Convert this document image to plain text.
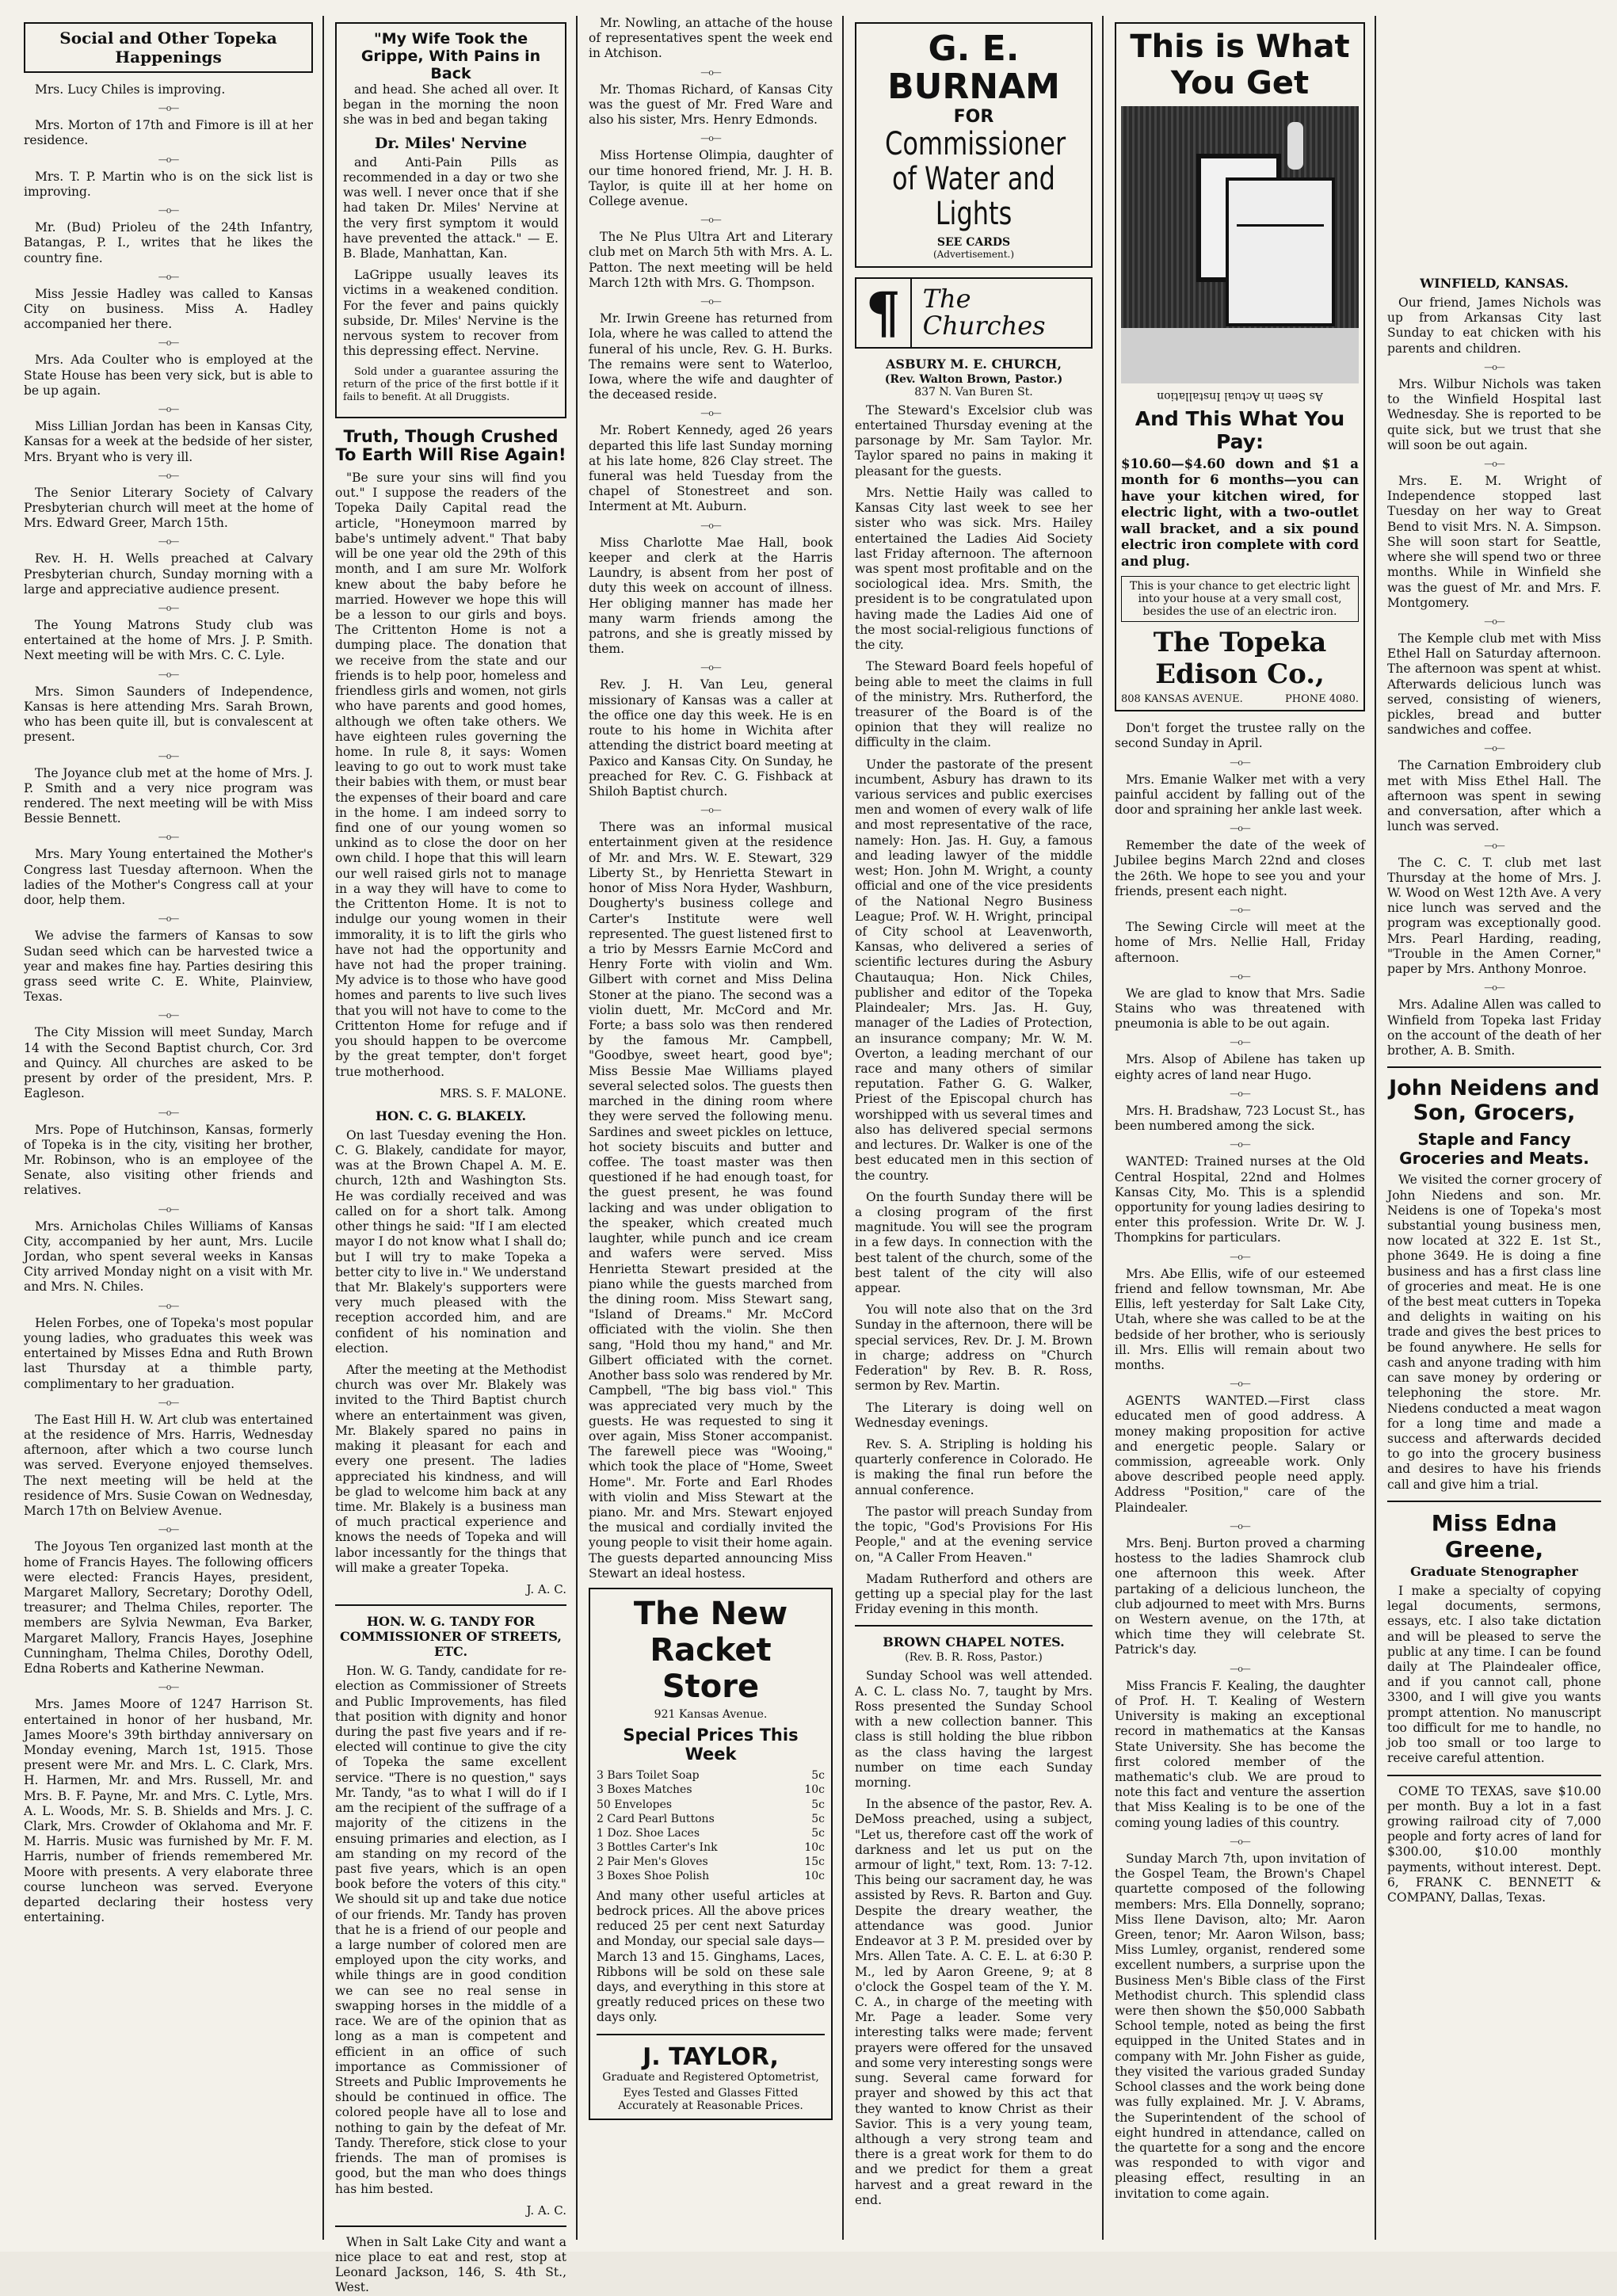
Social and Other Topeka Happenings

Mrs. Lucy Chiles is improving.

—o—

Mrs. Morton of 17th and Fimore is ill at her residence.

—o—

Mrs. T. P. Martin who is on the sick list is improving.

—o—

Mr. (Bud) Prioleu of the 24th Infantry, Batangas, P. I., writes that he likes the country fine.

—o—

Miss Jessie Hadley was called to Kansas City on business. Miss A. Hadley accompanied her there.

—o—

Mrs. Ada Coulter who is employed at the State House has been very sick, but is able to be up again.

—o—

Miss Lillian Jordan has been in Kansas City, Kansas for a week at the bedside of her sister, Mrs. Bryant who is very ill.

—o—

The Senior Literary Society of Calvary Presbyterian church will meet at the home of Mrs. Edward Greer, March 15th.

—o—

Rev. H. H. Wells preached at Calvary Presbyterian church, Sunday morning with a large and appreciative audience present.

—o—

The Young Matrons Study club was entertained at the home of Mrs. J. P. Smith. Next meeting will be with Mrs. C. C. Lyle.

—o—

Mrs. Simon Saunders of Independence, Kansas is here attending Mrs. Sarah Brown, who has been quite ill, but is convalescent at present.

—o—

The Joyance club met at the home of Mrs. J. P. Smith and a very nice program was rendered. The next meeting will be with Miss Bessie Bennett.

—o—

Mrs. Mary Young entertained the Mother's Congress last Tuesday afternoon. When the ladies of the Mother's Congress call at your door, help them.

—o—

We advise the farmers of Kansas to sow Sudan seed which can be harvested twice a year and makes fine hay. Parties desiring this grass seed write C. E. White, Plainview, Texas.

—o—

The City Mission will meet Sunday, March 14 with the Second Baptist church, Cor. 3rd and Quincy. All churches are asked to be present by order of the president, Mrs. P. Eagleson.

—o—

Mrs. Pope of Hutchinson, Kansas, formerly of Topeka is in the city, visiting her brother, Mr. Robinson, who is an employee of the Senate, also visiting other friends and relatives.

—o—

Mrs. Arnicholas Chiles Williams of Kansas City, accompanied by her aunt, Mrs. Lucile Jordan, who spent several weeks in Kansas City arrived Monday night on a visit with Mr. and Mrs. N. Chiles.

—o—

Helen Forbes, one of Topeka's most popular young ladies, who graduates this week was entertained by Misses Edna and Ruth Brown last Thursday at a thimble party, complimentary to her graduation.

—o—

The East Hill H. W. Art club was entertained at the residence of Mrs. Harris, Wednesday afternoon, after which a two course lunch was served. Everyone enjoyed themselves. The next meeting will be held at the residence of Mrs. Susie Cowan on Wednesday, March 17th on Belview Avenue.

—o—

The Joyous Ten organized last month at the home of Francis Hayes. The following officers were elected: Francis Hayes, president, Margaret Mallory, Secretary; Dorothy Odell, treasurer; and Thelma Chiles, reporter. The members are Sylvia Newman, Eva Barker, Margaret Mallory, Francis Hayes, Josephine Cunningham, Thelma Chiles, Dorothy Odell, Edna Roberts and Katherine Newman.

—o—

Mrs. James Moore of 1247 Harrison St. entertained in honor of her husband, Mr. James Moore's 39th birthday anniversary on Monday evening, March 1st, 1915. Those present were Mr. and Mrs. L. C. Clark, Mrs. H. Harmen, Mr. and Mrs. Russell, Mr. and Mrs. B. F. Payne, Mr. and Mrs. C. Lytle, Mrs. A. L. Woods, Mr. S. B. Shields and Mrs. J. C. Clark, Mrs. Crowder of Oklahoma and Mr. F. M. Harris. Music was furnished by Mr. F. M. Harris, number of friends remembered Mr. Moore with presents. A very elaborate three course luncheon was served. Everyone departed declaring their hostess very entertaining.

"My Wife Took the Grippe, With Pains in Back

and head. She ached all over. It began in the morning the noon she was in bed and began taking

Dr. Miles' Nervine

and Anti-Pain Pills as recommended in a day or two she was well. I never once that if she had taken Dr. Miles' Nervine at the very first symptom it would have prevented the attack." — E. B. Blade, Manhattan, Kan.

LaGrippe usually leaves its victims in a weakened condition. For the fever and pains quickly subside, Dr. Miles' Nervine is the nervous system to recover from this depressing effect. Nervine.

Sold under a guarantee assuring the return of the price of the first bottle if it fails to benefit. At all Druggists.

Truth, Though Crushed To Earth Will Rise Again!

"Be sure your sins will find you out." I suppose the readers of the Topeka Daily Capital read the article, "Honeymoon marred by babe's untimely advent." That baby will be one year old the 29th of this month, and I am sure Mr. Wolfork knew about the baby before he married. However we hope this will be a lesson to our girls and boys. The Crittenton Home is not a dumping place. The donation that we receive from the state and our friends is to help poor, homeless and friendless girls and women, not girls who have parents and good homes, although we often take others. We have eighteen rules governing the home. In rule 8, it says: Women leaving to go out to work must take their babies with them, or must bear the expenses of their board and care in the home. I am indeed sorry to find one of our young women so unkind as to close the door on her own child. I hope that this will learn our well raised girls not to manage in a way they will have to come to the Crittenton Home. It is not to indulge our young women in their immorality, it is to lift the girls who have not had the opportunity and have not had the proper training. My advice is to those who have good homes and parents to live such lives that you will not have to come to the Crittenton Home for refuge and if you should happen to be overcome by the great tempter, don't forget true motherhood.

MRS. S. F. MALONE.
HON. C. G. BLAKELY.

On last Tuesday evening the Hon. C. G. Blakely, candidate for mayor, was at the Brown Chapel A. M. E. church, 12th and Washington Sts. He was cordially received and was called on for a short talk. Among other things he said: "If I am elected mayor I do not know what I shall do; but I will try to make Topeka a better city to live in." We understand that Mr. Blakely's supporters were very much pleased with the reception accorded him, and are confident of his nomination and election.

After the meeting at the Methodist church was over Mr. Blakely was invited to the Third Baptist church where an entertainment was given, Mr. Blakely spared no pains in making it pleasant for each and every one present. The ladies appreciated his kindness, and will be glad to welcome him back at any time. Mr. Blakely is a business man of much practical experience and knows the needs of Topeka and will labor incessantly for the things that will make a greater Topeka.

J. A. C.
HON. W. G. TANDY FOR COMMISSIONER OF STREETS, ETC.

Hon. W. G. Tandy, candidate for re-election as Commissioner of Streets and Public Improvements, has filed that position with dignity and honor during the past five years and if re-elected will continue to give the city of Topeka the same excellent service. "There is no question," says Mr. Tandy, "as to what I will do if I am the recipient of the suffrage of a majority of the citizens in the ensuing primaries and election, as I am standing on my record of the past five years, which is an open book before the voters of this city." We should sit up and take due notice of our friends. Mr. Tandy has proven that he is a friend of our people and a large number of colored men are employed upon the city works, and while things are in good condition we can see no real sense in swapping horses in the middle of a race. We are of the opinion that as long as a man is competent and efficient in an office of such importance as Commissioner of Streets and Public Improvements he should be continued in office. The colored people have all to lose and nothing to gain by the defeat of Mr. Tandy. Therefore, stick close to your friends. The man of promises is good, but the man who does things has him bested.

J. A. C.

When in Salt Lake City and want a nice place to eat and rest, stop at Leonard Jackson, 146, S. 4th St., West.

Mr. Nowling, an attache of the house of representatives spent the week end in Atchison.

—o—

Mr. Thomas Richard, of Kansas City was the guest of Mr. Fred Ware and also his sister, Mrs. Henry Edmonds.

—o—

Miss Hortense Olimpia, daughter of our time honored friend, Mr. J. H. B. Taylor, is quite ill at her home on College avenue.

—o—

The Ne Plus Ultra Art and Literary club met on March 5th with Mrs. A. L. Patton. The next meeting will be held March 12th with Mrs. G. Thompson.

—o—

Mr. Irwin Greene has returned from Iola, where he was called to attend the funeral of his uncle, Rev. G. H. Burks. The remains were sent to Waterloo, Iowa, where the wife and daughter of the deceased reside.

—o—

Mr. Robert Kennedy, aged 26 years departed this life last Sunday morning at his late home, 826 Clay street. The funeral was held Tuesday from the chapel of Stonestreet and son. Interment at Mt. Auburn.

—o—

Miss Charlotte Mae Hall, book keeper and clerk at the Harris Laundry, is absent from her post of duty this week on account of illness. Her obliging manner has made her many warm friends among the patrons, and she is greatly missed by them.

—o—

Rev. J. H. Van Leu, general missionary of Kansas was a caller at the office one day this week. He is en route to his home in Wichita after attending the district board meeting at Paxico and Kansas City. On Sunday, he preached for Rev. C. G. Fishback at Shiloh Baptist church.

—o—

There was an informal musical entertainment given at the residence of Mr. and Mrs. W. E. Stewart, 329 Liberty St., by Henrietta Stewart in honor of Miss Nora Hyder, Washburn, Dougherty's business college and Carter's Institute were well represented. The guest listened first to a trio by Messrs Earnie McCord and Henry Forte with violin and Wm. Gilbert with cornet and Miss Delina Stoner at the piano. The second was a violin duett, Mr. McCord and Mr. Forte; a bass solo was then rendered by the famous Mr. Campbell, "Goodbye, sweet heart, good bye"; Miss Bessie Mae Williams played several selected solos. The guests then marched in the dining room where they were served the following menu. Sardines and sweet pickles on lettuce, hot society biscuits and butter and coffee. The toast master was then questioned if he had enough toast, for the guest present, he was found lacking and was under obligation to the speaker, which created much laughter, while punch and ice cream and wafers were served. Miss Henrietta Stewart presided at the piano while the guests marched from the dining room. Miss Stewart sang, "Island of Dreams." Mr. McCord officiated with the violin. She then sang, "Hold thou my hand," and Mr. Gilbert officiated with the cornet. Another bass solo was rendered by Mr. Campbell, "The big bass viol." This was appreciated very much by the guests. He was requested to sing it over again, Miss Stoner accompanist. The farewell piece was "Wooing," which took the place of "Home, Sweet Home". Mr. Forte and Earl Rhodes with violin and Miss Stewart at the piano. Mr. and Mrs. Stewart enjoyed the musical and cordially invited the young people to visit their home again. The guests departed announcing Miss Stewart an ideal hostess.

The New Racket Store
921 Kansas Avenue.
Special Prices This Week
3 Bars Toilet Soap	5c
3 Boxes Matches	10c
50 Envelopes	5c
2 Card Pearl Buttons	5c
1 Doz. Shoe Laces	5c
3 Bottles Carter's Ink	10c
2 Pair Men's Gloves	15c
3 Boxes Shoe Polish	10c

And many other useful articles at bedrock prices. All the above prices reduced 25 per cent next Saturday and Monday, our special sale days—March 13 and 15. Ginghams, Laces, Ribbons will be sold on these sale days, and everything in this store at greatly reduced prices on these two days only.

J. TAYLOR,
Graduate and Registered Optometrist,
Eyes Tested and Glasses Fitted Accurately at Reasonable Prices.
G. E. BURNAM
FOR
Commissioner of Water and Lights
SEE CARDS
(Advertisement.)
¶ The Churches
ASBURY M. E. CHURCH,
(Rev. Walton Brown, Pastor.)
837 N. Van Buren St.

The Steward's Excelsior club was entertained Thursday evening at the parsonage by Mr. Sam Taylor. Mr. Taylor spared no pains in making it pleasant for the guests.

Mrs. Nettie Haily was called to Kansas City last week to see her sister who was sick. Mrs. Hailey entertained the Ladies Aid Society last Friday afternoon. The afternoon was spent most profitable and on the sociological idea. Mrs. Smith, the president is to be congratulated upon having made the Ladies Aid one of the most social-religious functions of the city.

The Steward Board feels hopeful of being able to meet the claims in full of the ministry. Mrs. Rutherford, the treasurer of the Board is of the opinion that they will realize no difficulty in the claim.

Under the pastorate of the present incumbent, Asbury has drawn to its various services and public exercises men and women of every walk of life and most representative of the race, namely: Hon. Jas. H. Guy, a famous and leading lawyer of the middle west; Hon. John M. Wright, a county official and one of the vice presidents of the National Negro Business League; Prof. W. H. Wright, principal of City school at Leavenworth, Kansas, who delivered a series of scientific lectures during the Asbury Chautauqua; Hon. Nick Chiles, publisher and editor of the Topeka Plaindealer; Mrs. Jas. H. Guy, manager of the Ladies of Protection, an insurance company; Mr. W. M. Overton, a leading merchant of our race and many others of similar reputation. Father G. G. Walker, Priest of the Episcopal church has worshipped with us several times and also has delivered special sermons and lectures. Dr. Walker is one of the best educated men in this section of the country.

On the fourth Sunday there will be a closing program of the first magnitude. You will see the program in a few days. In connection with the best talent of the church, some of the best talent of the city will also appear.

You will note also that on the 3rd Sunday in the afternoon, there will be special services, Rev. Dr. J. M. Brown in charge; address on "Church Federation" by Rev. B. R. Ross, sermon by Rev. Martin.

The Literary is doing well on Wednesday evenings.

Rev. S. A. Stripling is holding his quarterly conference in Colorado. He is making the final run before the annual conference.

The pastor will preach Sunday from the topic, "God's Provisions For His People," and at the evening service on, "A Caller From Heaven."

Madam Rutherford and others are getting up a special play for the last Friday evening in this month.

BROWN CHAPEL NOTES.
(Rev. B. R. Ross, Pastor.)

Sunday School was well attended. A. C. L. class No. 7, taught by Mrs. Ross presented the Sunday School with a new collection banner. This class is still holding the blue ribbon as the class having the largest number on time each Sunday morning.

In the absence of the pastor, Rev. A. DeMoss preached, using a subject, "Let us, therefore cast off the work of darkness and let us put on the armour of light," text, Rom. 13: 7-12. This being our sacrament day, he was assisted by Revs. R. Barton and Guy. Despite the dreary weather, the attendance was good. Junior Endeavor at 3 P. M. presided over by Mrs. Allen Tate. A. C. E. L. at 6:30 P. M., led by Aaron Greene, 9; at 8 o'clock the Gospel team of the Y. M. C. A., in charge of the meeting with Mr. Page a leader. Some very interesting talks were made; fervent prayers were offered for the unsaved and some very interesting songs were sung. Several came forward for prayer and showed by this act that they wanted to know Christ as their Savior. This is a very young team, although a very strong team and there is a great work for them to do and we predict for them a great harvest and a great reward in the end.

This is What You Get
As Seen in Actual Installation
And This What You Pay:

$10.60—$4.60 down and $1 a month for 6 months—you can have your kitchen wired, for electric light, with a two-outlet wall bracket, and a six pound electric iron complete with cord and plug.

This is your chance to get electric light into your house at a very small cost, besides the use of an electric iron.
The Topeka Edison Co.,
808 KANSAS AVENUE.	PHONE 4080.

Don't forget the trustee rally on the second Sunday in April.

—o—

Mrs. Emanie Walker met with a very painful accident by falling out of the door and spraining her ankle last week.

—o—

Remember the date of the week of Jubilee begins March 22nd and closes the 26th. We hope to see you and your friends, present each night.

—o—

The Sewing Circle will meet at the home of Mrs. Nellie Hall, Friday afternoon.

—o—

We are glad to know that Mrs. Sadie Stains who was threatened with pneumonia is able to be out again.

—o—

Mrs. Alsop of Abilene has taken up eighty acres of land near Hugo.

—o—

Mrs. H. Bradshaw, 723 Locust St., has been numbered among the sick.

—o—

WANTED: Trained nurses at the Old Central Hospital, 22nd and Holmes Kansas City, Mo. This is a splendid opportunity for young ladies desiring to enter this profession. Write Dr. W. J. Thompkins for particulars.

—o—

Mrs. Abe Ellis, wife of our esteemed friend and fellow townsman, Mr. Abe Ellis, left yesterday for Salt Lake City, Utah, where she was called to be at the bedside of her brother, who is seriously ill. Mrs. Ellis will remain about two months.

—o—

AGENTS WANTED.—First class educated men of good address. A money making proposition for active and energetic people. Salary or commission, agreeable work. Only above described people need apply. Address "Position," care of the Plaindealer.

—o—

Mrs. Benj. Burton proved a charming hostess to the ladies Shamrock club one afternoon this week. After partaking of a delicious luncheon, the club adjourned to meet with Mrs. Burns on Western avenue, on the 17th, at which time they will celebrate St. Patrick's day.

—o—

Miss Francis F. Kealing, the daughter of Prof. H. T. Kealing of Western University is making an exceptional record in mathematics at the Kansas State University. She has become the first colored member of the mathematic's club. We are proud to note this fact and venture the assertion that Miss Kealing is to be one of the coming young ladies of this country.

—o—

Sunday March 7th, upon invitation of the Gospel Team, the Brown's Chapel quartette composed of the following members: Mrs. Ella Donnelly, soprano; Miss Ilene Davison, alto; Mr. Aaron Green, tenor; Mr. Aaron Wilson, bass; Miss Lumley, organist, rendered some excellent numbers, a surprise upon the Business Men's Bible class of the First Methodist church. This splendid class were then shown the $50,000 Sabbath School temple, noted as being the first equipped in the United States and in company with Mr. John Fisher as guide, they visited the various graded Sunday School classes and the work being done was fully explained. Mr. J. V. Abrams, the Superintendent of the school of eight hundred in attendance, called on the quartette for a song and the encore was responded to with vigor and pleasing effect, resulting in an invitation to come again.

WINFIELD, KANSAS.

Our friend, James Nichols was up from Arkansas City last Sunday to eat chicken with his parents and children.

—o—

Mrs. Wilbur Nichols was taken to the Winfield Hospital last Wednesday. She is reported to be quite sick, but we trust that she will soon be out again.

—o—

Mrs. E. M. Wright of Independence stopped last Tuesday on her way to Great Bend to visit Mrs. N. A. Simpson. She will soon start for Seattle, where she will spend two or three months. While in Winfield she was the guest of Mr. and Mrs. F. Montgomery.

—o—

The Kemple club met with Miss Ethel Hall on Saturday afternoon. The afternoon was spent at whist. Afterwards delicious lunch was served, consisting of wieners, pickles, bread and butter sandwiches and coffee.

—o—

The Carnation Embroidery club met with Miss Ethel Hall. The afternoon was spent in sewing and conversation, after which a lunch was served.

—o—

The C. C. T. club met last Thursday at the home of Mrs. J. W. Wood on West 12th Ave. A very nice lunch was served and the program was exceptionally good. Mrs. Pearl Harding, reading, "Trouble in the Amen Corner," paper by Mrs. Anthony Monroe.

—o—

Mrs. Adaline Allen was called to Winfield from Topeka last Friday on the account of the death of her brother, A. B. Smith.

John Neidens and Son, Grocers,
Staple and Fancy Groceries and Meats.

We visited the corner grocery of John Niedens and son. Mr. Neidens is one of Topeka's most substantial young business men, now located at 322 E. 1st St., phone 3649. He is doing a fine business and has a first class line of groceries and meat. He is one of the best meat cutters in Topeka and delights in waiting on his trade and gives the best prices to be found anywhere. He sells for cash and anyone trading with him can save money by ordering or telephoning the store. Mr. Niedens conducted a meat wagon for a long time and made a success and afterwards decided to go into the grocery business and desires to have his friends call and give him a trial.

Miss Edna Greene,
Graduate Stenographer

I make a specialty of copying legal documents, sermons, essays, etc. I also take dictation and will be pleased to serve the public at any time. I can be found daily at The Plaindealer office, and if you cannot call, phone 3300, and I will give you wants prompt attention. No manuscript too difficult for me to handle, no job too small or too large to receive careful attention.

COME TO TEXAS, save $10.00 per month. Buy a lot in a fast growing railroad city of 7,000 people and forty acres of land for $300.00, $10.00 monthly payments, without interest. Dept. 6, FRANK C. BENNETT & COMPANY, Dallas, Texas.
